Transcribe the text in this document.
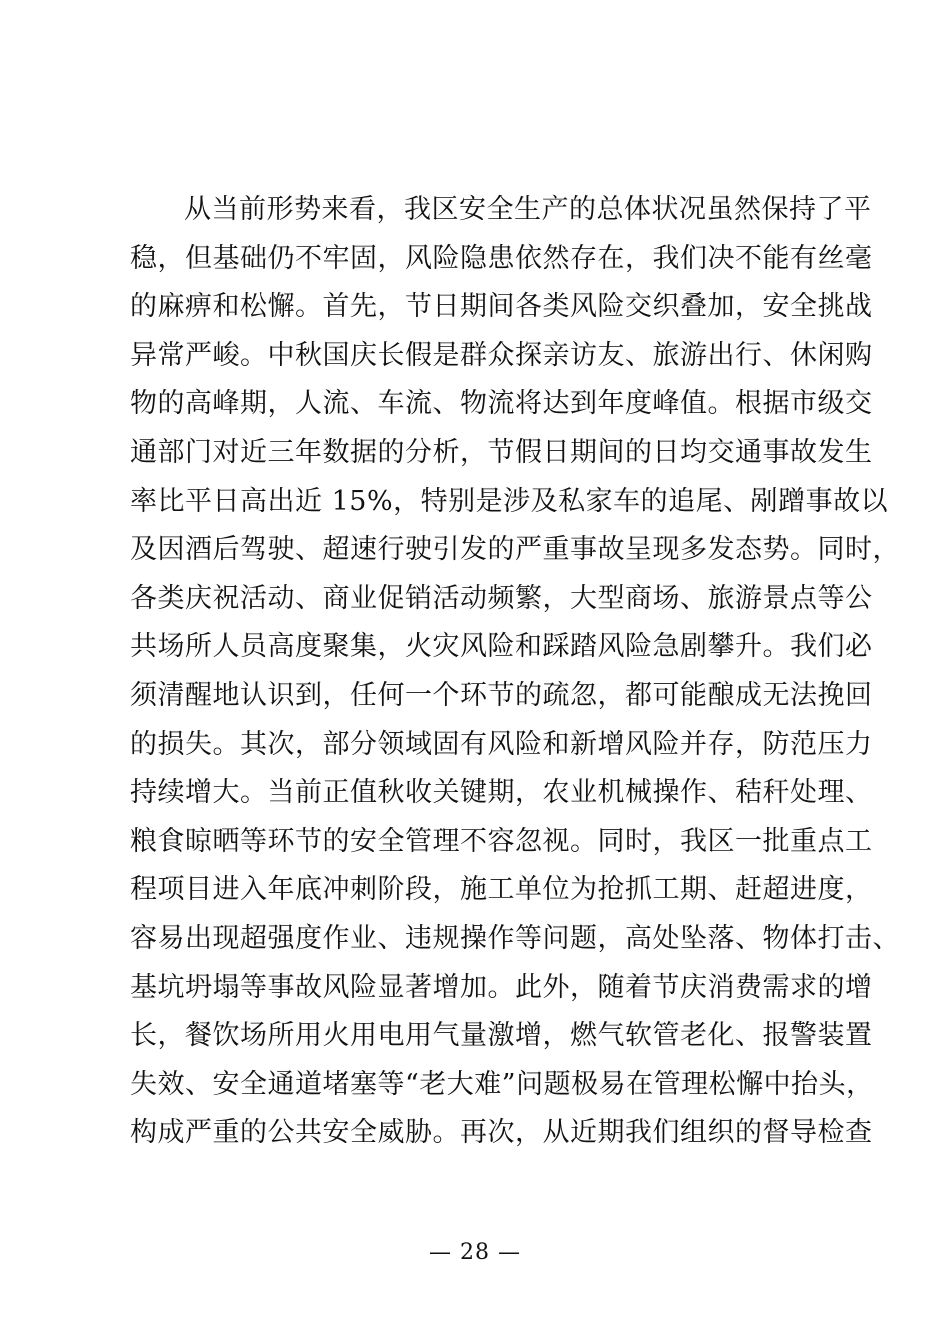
从当前形势来看，我区安全生产的总体状况虽然保持了平
稳，但基础仍不牢固，风险隐患依然存在，我们决不能有丝毫
的麻痹和松懈。首先，节日期间各类风险交织叠加，安全挑战
异常严峻。中秋国庆长假是群众探亲访友、旅游出行、休闲购
物的高峰期，人流、车流、物流将达到年度峰值。根据市级交
通部门对近三年数据的分析，节假日期间的日均交通事故发生
率比平日高出近 15%，特别是涉及私家车的追尾、剐蹭事故以
及因酒后驾驶、超速行驶引发的严重事故呈现多发态势。同时，
各类庆祝活动、商业促销活动频繁，大型商场、旅游景点等公
共场所人员高度聚集，火灾风险和踩踏风险急剧攀升。我们必
须清醒地认识到，任何一个环节的疏忽，都可能酿成无法挽回
的损失。其次，部分领域固有风险和新增风险并存，防范压力
持续增大。当前正值秋收关键期，农业机械操作、秸秆处理、
粮食晾晒等环节的安全管理不容忽视。同时，我区一批重点工
程项目进入年底冲刺阶段，施工单位为抢抓工期、赶超进度，
容易出现超强度作业、违规操作等问题，高处坠落、物体打击、
基坑坍塌等事故风险显著增加。此外，随着节庆消费需求的增
长，餐饮场所用火用电用气量激增，燃气软管老化、报警装置
失效、安全通道堵塞等“老大难”问题极易在管理松懈中抬头，
构成严重的公共安全威胁。再次，从近期我们组织的督导检查
— 28 —
